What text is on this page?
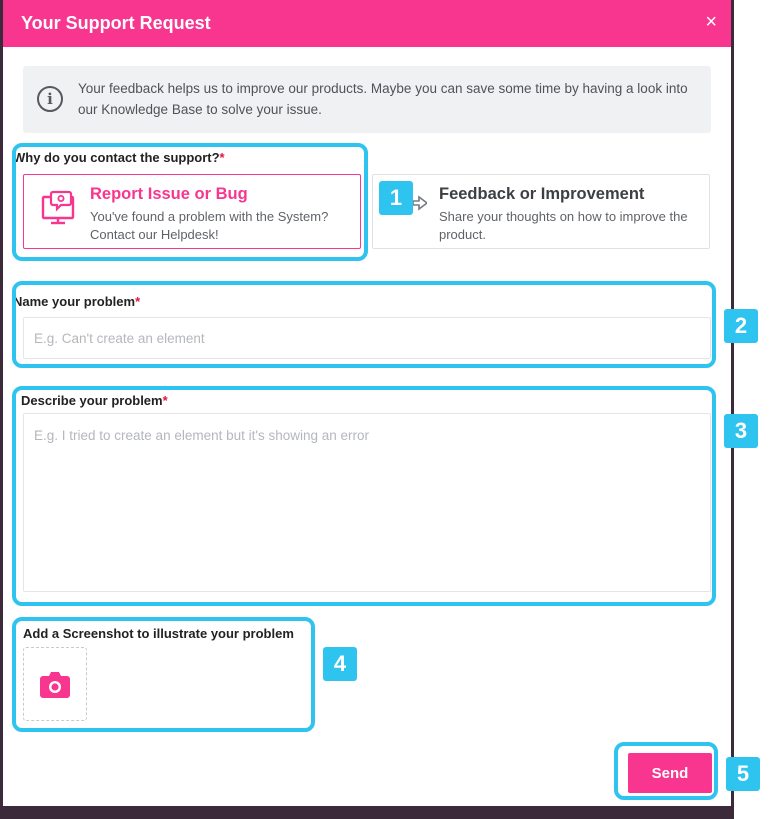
Your Support Request	×
i
Your feedback helps us to improve our products. Maybe you can save some time by having a look into our Knowledge Base to solve your issue.
Why do you contact the support?*
Report Issue or Bug
You've found a problem with the System? Contact our Helpdesk!
Feedback or Improvement
Share your thoughts on how to improve the product.
Name your problem*
E.g. Can't create an element
Describe your problem*
E.g. I tried to create an element but it's showing an error
Add a Screenshot to illustrate your problem
Send
1
2
3
4
5
